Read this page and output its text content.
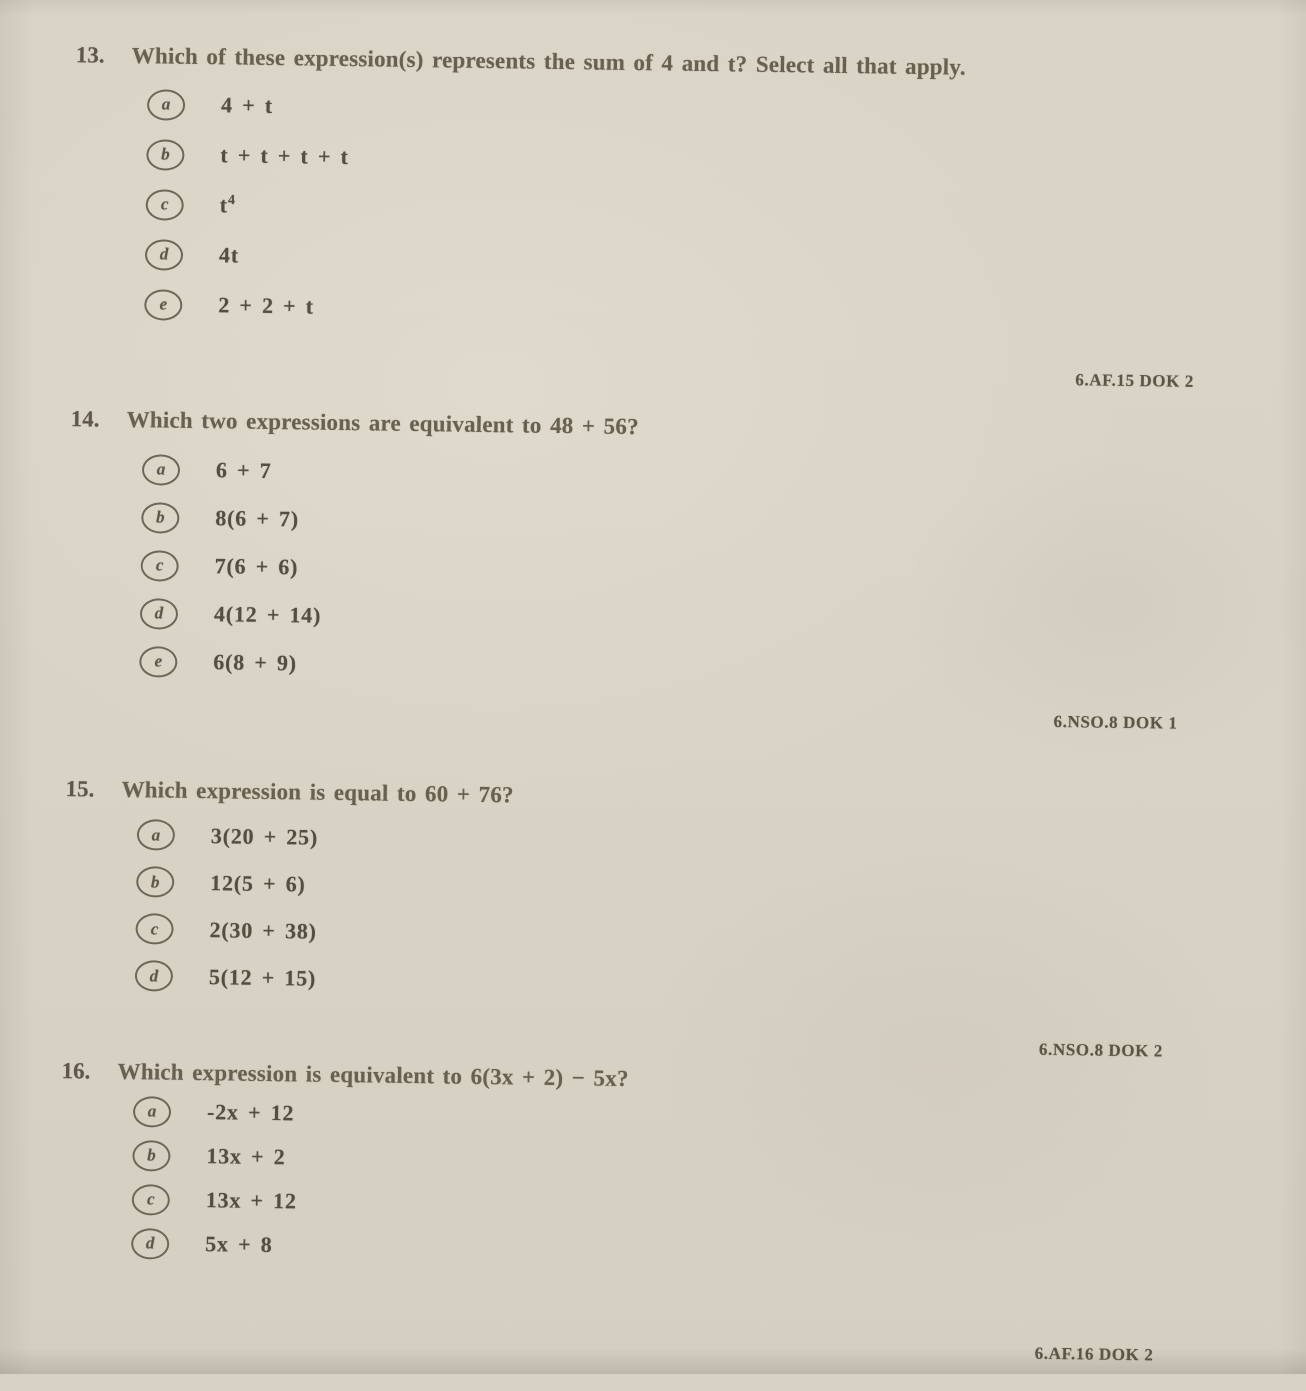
13.	Which of these expression(s) represents the sum of 4 and t? Select all that apply.
a 4 + t
b t + t + t + t
c $t^4$
d 4t
e 2 + 2 + t
6.AF.15 DOK 2
14.	Which two expressions are equivalent to 48 + 56?
a 6 + 7
b 8(6 + 7)
c 7(6 + 6)
d 4(12 + 14)
e 6(8 + 9)
6.NSO.8 DOK 1
15.	Which expression is equal to 60 + 76?
a 3(20 + 25)
b 12(5 + 6)
c 2(30 + 38)
d 5(12 + 15)
6.NSO.8 DOK 2
16.	Which expression is equivalent to 6(3x + 2) − 5x?
a -2x + 12
b 13x + 2
c 13x + 12
d 5x + 8
6.AF.16 DOK 2
